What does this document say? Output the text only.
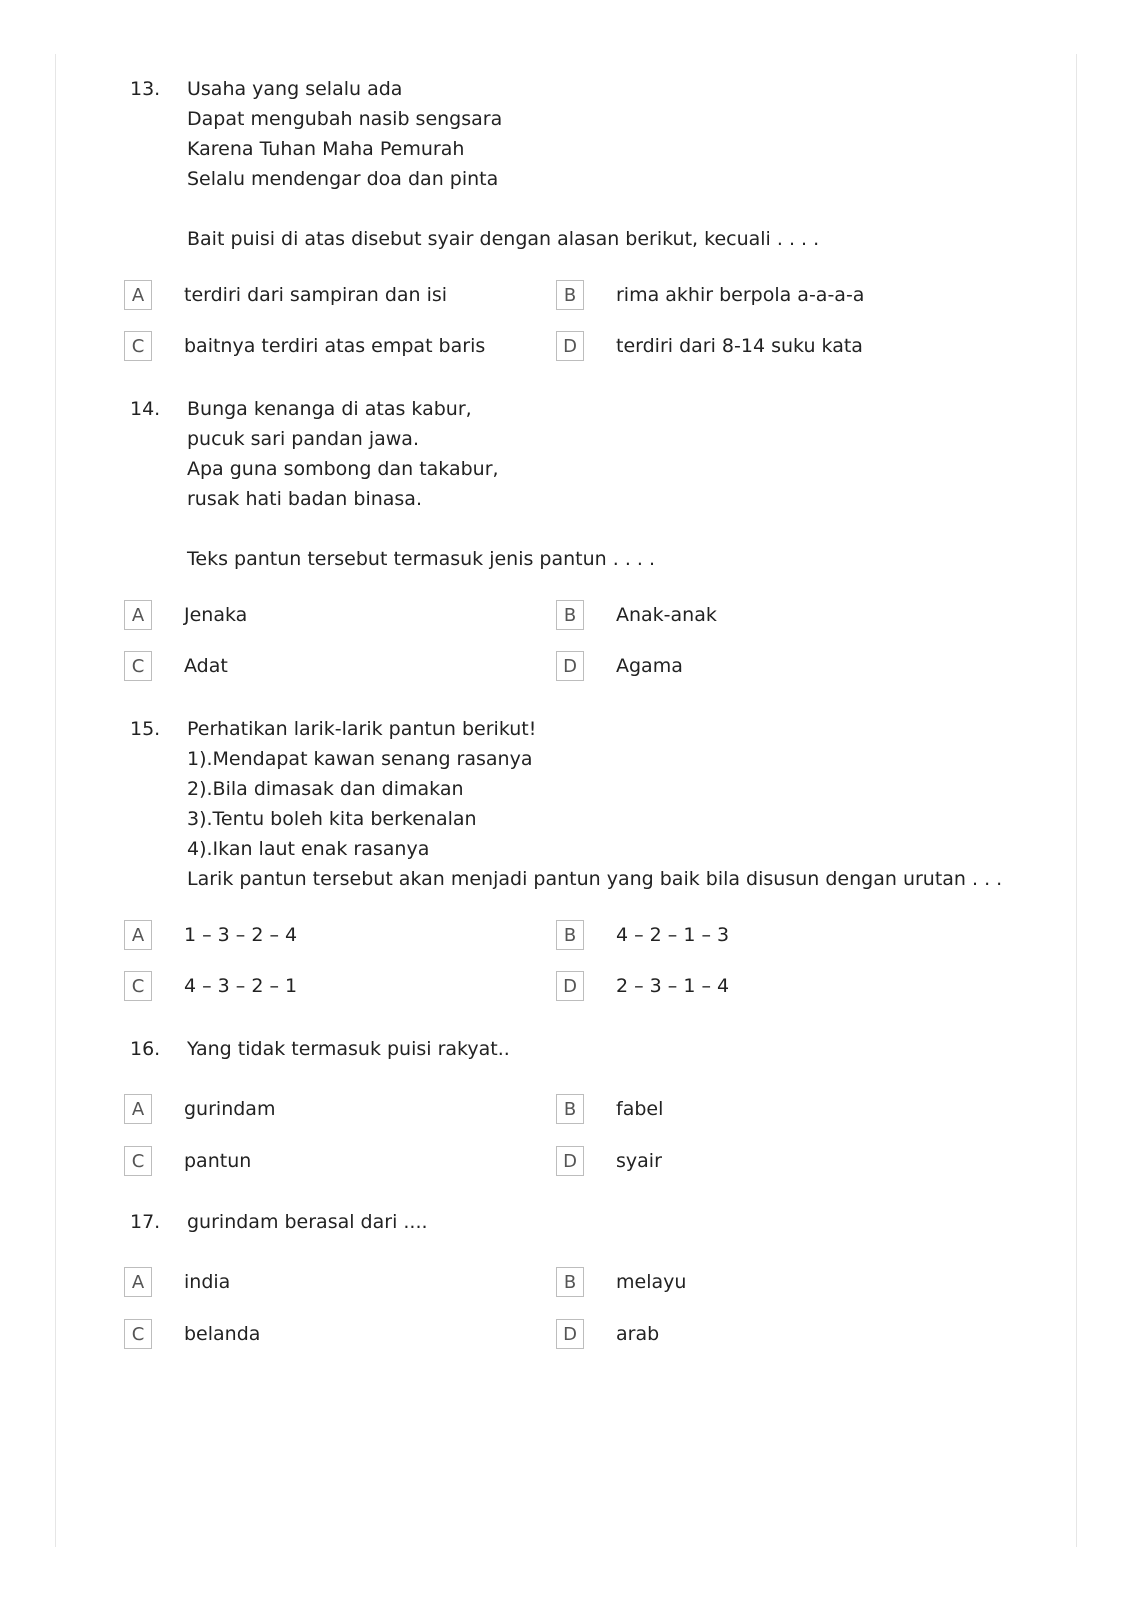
13. Usaha yang selalu ada
Dapat mengubah nasib sengsara
Karena Tuhan Maha Pemurah
Selalu mendengar doa dan pinta
Bait puisi di atas disebut syair dengan alasan berikut, kecuali . . . .
A	terdiri dari sampiran dan isi	B	rima akhir berpola a-a-a-a
C	baitnya terdiri atas empat baris	D	terdiri dari 8-14 suku kata
14. Bunga kenanga di atas kabur,
pucuk sari pandan jawa.
Apa guna sombong dan takabur,
rusak hati badan binasa.
Teks pantun tersebut termasuk jenis pantun . . . .
A	Jenaka	B	Anak-anak
C	Adat	D	Agama
15. Perhatikan larik-larik pantun berikut!
1).Mendapat kawan senang rasanya
2).Bila dimasak dan dimakan
3).Tentu boleh kita berkenalan
4).Ikan laut enak rasanya
Larik pantun tersebut akan menjadi pantun yang baik bila disusun dengan urutan . . .
A	1 – 3 – 2 – 4	B	4 – 2 – 1 – 3
C	4 – 3 – 2 – 1	D	2 – 3 – 1 – 4
16. Yang tidak termasuk puisi rakyat..
A	gurindam	B	fabel
C	pantun	D	syair
17. gurindam berasal dari ....
A	india	B	melayu
C	belanda	D	arab
